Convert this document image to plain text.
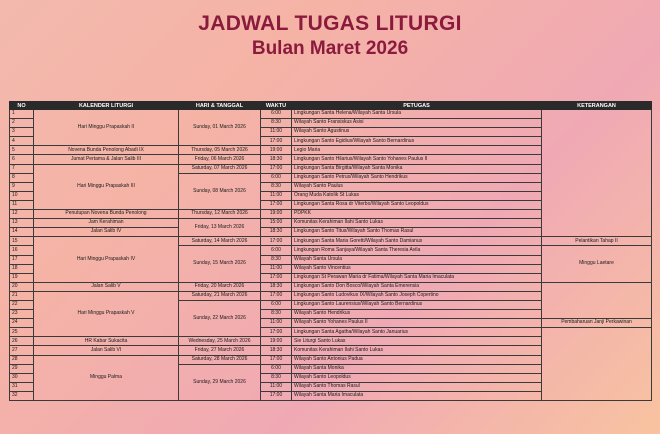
JADWAL TUGAS LITURGI
Bulan Maret 2026
NO	KALENDER LITURGI	HARI & TANGGAL	WAKTU	PETUGAS	KETERANGAN
1	Hari Minggu Prapaskah II	Sunday, 01 March 2026	6:00	Lingkungan Santa Helena/Wilayah Santa Ursula	
2			8:30	Wilayah Santo Fransiskus Asisi	
3			11:00	Wilayah Santo Agustinus	
4			17:00	Lingkungan Santo Egidius/Wilayah Santo Bernardinus	
5	Novena Bunda Penolong Abadi IX	Thursday, 05 March 2026	19:00	Legio Maria	
6	Jumat Pertama & Jalan Salib III	Friday, 06 March 2026	18:30	Lingkungan Santo Hilarius/Wilayah Santo Yohanes Paulus II	
7	Hari Minggu Prapaskah III	Saturday, 07 March 2026	17:00	Lingkungan Santa Birgitta/Wilayah Santa Monika	
8		Sunday, 08 March 2026	6:00	Lingkungan Santo Petrus/Wilayah Santo Hendrikus	
9			8:30	Wilayah Santo Paulus	
10			11:00	Orang Muda Katolik St Lukas	
11			17:00	Lingkungan Santa Rosa dr Viterbo/Wilayah Santo Leopoldus	
12	Penutupan Novena Bunda Penolong	Thursday, 12 March 2026	19:00	PDPKK	
13	Jam Kerahiman	Friday, 13 March 2026	15:00	Komunitas Kerahiman Ilahi Santo Lukas	
14	Jalan Salib IV		18:30	Lingkungan Santo Titus/Wilayah Santo Thomas Rasul	
15	Hari Minggu Prapaskah IV	Saturday, 14 March 2026	17:00	Lingkungan Santa Maria Goretti/Wilayah Santo Damianus	Pelantikan Tahap II
16		Sunday, 15 March 2026	6:00	Lingkungan Roma Sanjaya/Wilayah Santa Theresia Avila	Minggu Laetare
17			8:30	Wilayah Santa Ursula	
18			11:00	Wilayah Santo Vincentius	
19			17:00	Lingkungan St Perawan Maria dr Fatima/Wilayah Santa Maria Imaculata	
20	Jalan Salib V	Friday, 20 March 2026	18:30	Lingkungan Santo Don Bosco/Wilayah Santa Emerensia	
21	Hari Minggu Prapaskah V	Saturday, 21 March 2026	17:00	Lingkungan Santo Ludovikus IX/Wilayah Santo Joseph Copertino	
22		Sunday, 22 March 2026	6:00	Lingkungan Santo Laurensius/Wilayah Santo Bernardinus	
23			8:30	Wilayah Santo Hendrikus	
24			11:00	Wilayah Santo Yohanes Paulus II	Pembaharuan Janji Perkawinan
25			17:00	Lingkungan Santa Agatha/Wilayah Santo Januarius	
26	HR Kabar Sukacita	Wednesday, 25 March 2026	19:00	Sie Liturgi Santo Lukas	
27	Jalan Salib VI	Friday, 27 March 2026	18:30	Komunitas Kerahiman Ilahi Santo Lukas	
28	Minggu Palma	Saturday, 28 March 2026	17:00	Wilayah Santo Antonius Padua	
29		Sunday, 29 March 2026	6:00	Wilayah Santa Monika	
30			8:30	Wilayah Santo Leopoldus	
31			11:00	Wilayah Santo Thomas Rasul	
32			17:00	Wilayah Santa Maria Imaculata	
